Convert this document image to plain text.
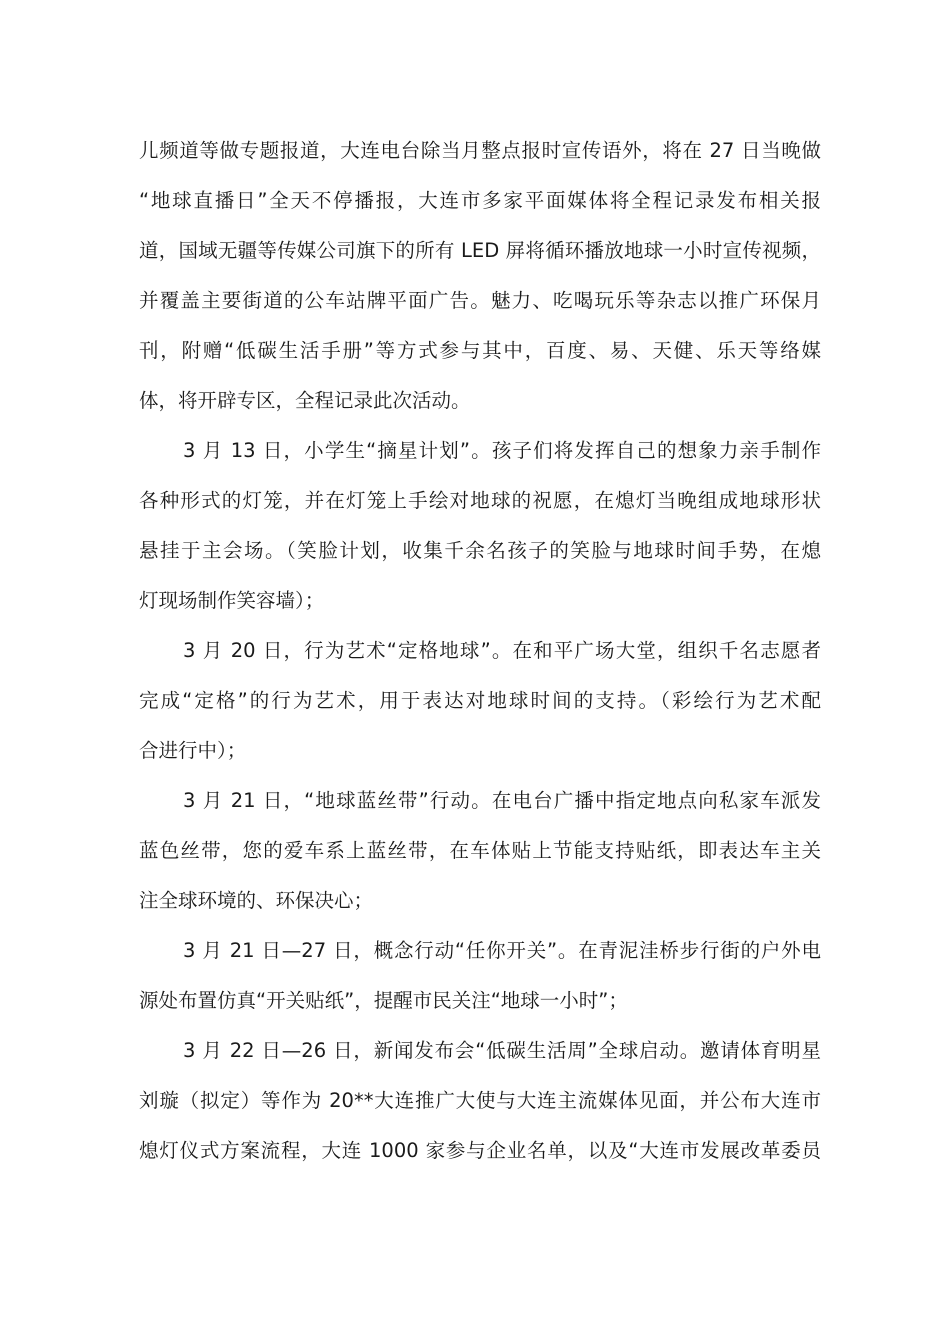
儿频道等做专题报道，大连电台除当月整点报时宣传语外，将在 27 日当晚做
“地球直播日”全天不停播报，大连市多家平面媒体将全程记录发布相关报
道，国域无疆等传媒公司旗下的所有 LED 屏将循环播放地球一小时宣传视频，
并覆盖主要街道的公车站牌平面广告。魅力、吃喝玩乐等杂志以推广环保月
刊，附赠“低碳生活手册”等方式参与其中，百度、易、天健、乐天等络媒
体，将开辟专区，全程记录此次活动。
3 月 13 日，小学生“摘星计划”。孩子们将发挥自己的想象力亲手制作
各种形式的灯笼，并在灯笼上手绘对地球的祝愿，在熄灯当晚组成地球形状
悬挂于主会场。（笑脸计划，收集千余名孩子的笑脸与地球时间手势，在熄
灯现场制作笑容墙）；
3 月 20 日，行为艺术“定格地球”。在和平广场大堂，组织千名志愿者
完成“定格”的行为艺术，用于表达对地球时间的支持。（彩绘行为艺术配
合进行中）；
3 月 21 日，“地球蓝丝带”行动。在电台广播中指定地点向私家车派发
蓝色丝带，您的爱车系上蓝丝带，在车体贴上节能支持贴纸，即表达车主关
注全球环境的、环保决心；
3 月 21 日—27 日，概念行动“任你开关”。在青泥洼桥步行街的户外电
源处布置仿真“开关贴纸”，提醒市民关注“地球一小时”；
3 月 22 日—26 日，新闻发布会“低碳生活周”全球启动。邀请体育明星
刘璇（拟定）等作为 20**大连推广大使与大连主流媒体见面，并公布大连市
熄灯仪式方案流程，大连 1000 家参与企业名单，以及“大连市发展改革委员
